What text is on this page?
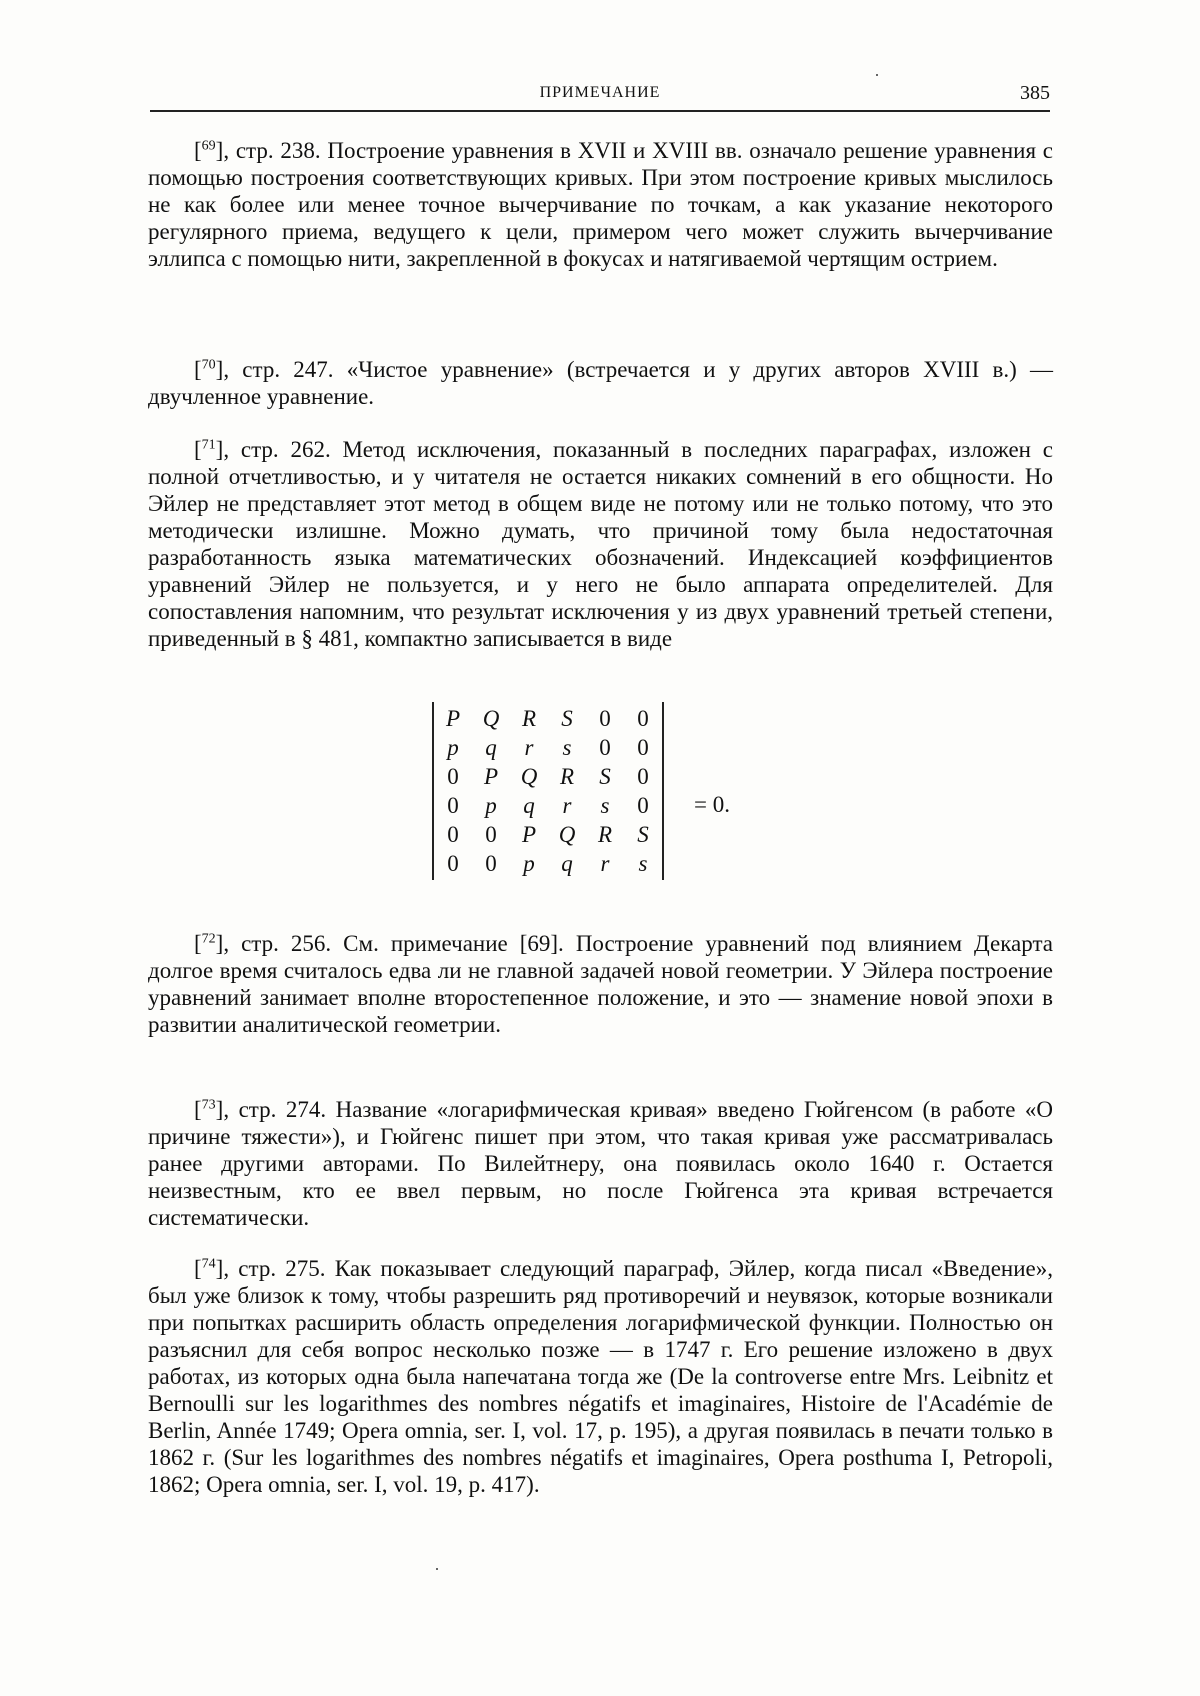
ПРИМЕЧАНИЕ	385

[69], стр. 238. Построение уравнения в XVII и XVIII вв. означало решение уравнения с помощью построения соответствующих кривых. При этом построение кривых мыслилось не как более или менее точное вычерчивание по точкам, а как указание некоторого регулярного приема, ведущего к цели, примером чего может служить вычерчивание эллипса с помощью нити, закрепленной в фокусах и натягиваемой чертящим острием.

[70], стр. 247. «Чистое уравнение» (встречается и у других авторов XVIII в.) — двучленное уравнение.

[71], стр. 262. Метод исключения, показанный в последних параграфах, изложен с полной отчетливостью, и у читателя не остается никаких сомнений в его общности. Но Эйлер не представляет этот метод в общем виде не потому или не только потому, что это методически излишне. Можно думать, что причиной тому была недостаточная разработанность языка математических обозначений. Индексацией коэффициентов уравнений Эйлер не пользуется, и у него не было аппарата определителей. Для сопоставления напомним, что результат исключения y из двух уравнений третьей степени, приведенный в § 481, компактно записывается в виде

P Q R	S	0	0
p	q	r	s	0	0
0	P Q R	S	0
0	p	q	r	s	0
0	0	P Q R	S
0	0	p	q	r	s
= 0.

[72], стр. 256. См. примечание [69]. Построение уравнений под влиянием Декарта долгое время считалось едва ли не главной задачей новой геометрии. У Эйлера построение уравнений занимает вполне второстепенное положение, и это — знамение новой эпохи в развитии аналитической геометрии.

[73], стр. 274. Название «логарифмическая кривая» введено Гюйгенсом (в работе «О причине тяжести»), и Гюйгенс пишет при этом, что такая кривая уже рассматривалась ранее другими авторами. По Вилейтнеру, она появилась около 1640 г. Остается неизвестным, кто ее ввел первым, но после Гюйгенса эта кривая встречается систематически.

[74], стр. 275. Как показывает следующий параграф, Эйлер, когда писал «Введение», был уже близок к тому, чтобы разрешить ряд противоречий и неувязок, которые возникали при попытках расширить область определения логарифмической функции. Полностью он разъяснил для себя вопрос несколько позже — в 1747 г. Его решение изложено в двух работах, из которых одна была напечатана тогда же (De la controverse entre Mrs. Leibnitz et Bernoulli sur les logarithmes des nombres négatifs et imaginaires, Histoire de l'Académie de Berlin, Année 1749; Opera omnia, ser. I, vol. 17, p. 195), а другая появилась в печати только в 1862 г. (Sur les logarithmes des nombres négatifs et imaginaires, Opera posthuma I, Petropoli, 1862; Opera omnia, ser. I, vol. 19, p. 417).
